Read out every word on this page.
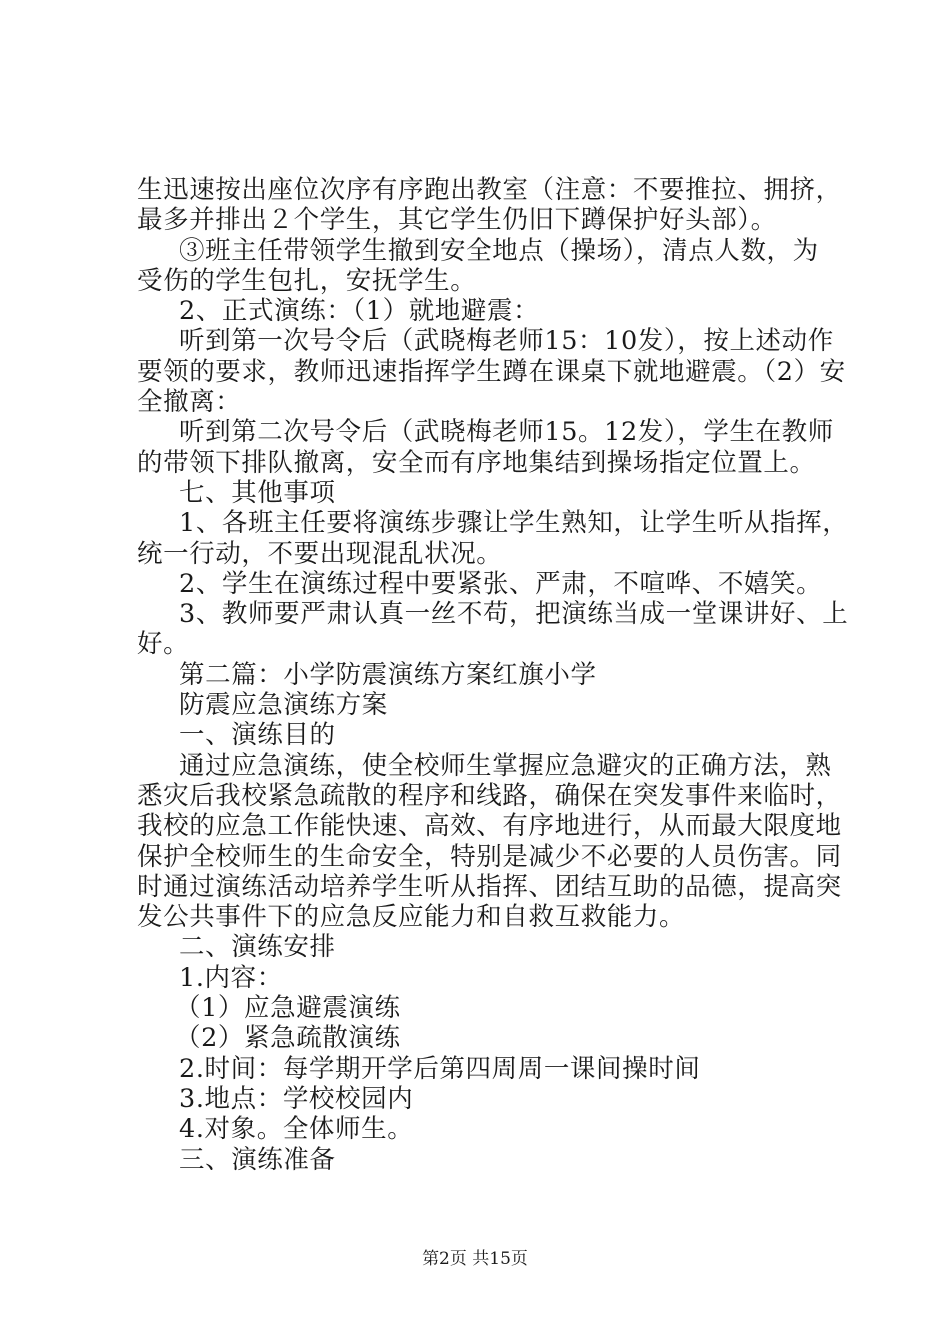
生迅速按出座位次序有序跑出教室（注意：不要推拉、拥挤，
最多并排出２个学生，其它学生仍旧下蹲保护好头部）。
③班主任带领学生撤到安全地点（操场），清点人数，为
受伤的学生包扎，安抚学生。
2、正式演练：（1）就地避震：
听到第一次号令后（武晓梅老师15：10发），按上述动作
要领的要求，教师迅速指挥学生蹲在课桌下就地避震。（2）安
全撤离：
听到第二次号令后（武晓梅老师15。12发），学生在教师
的带领下排队撤离，安全而有序地集结到操场指定位置上。
七、其他事项
1、各班主任要将演练步骤让学生熟知，让学生听从指挥，
统一行动，不要出现混乱状况。
2、学生在演练过程中要紧张、严肃，不喧哗、不嬉笑。
3、教师要严肃认真一丝不苟，把演练当成一堂课讲好、上
好。
第二篇：小学防震演练方案红旗小学
防震应急演练方案
一、演练目的
通过应急演练，使全校师生掌握应急避灾的正确方法，熟
悉灾后我校紧急疏散的程序和线路，确保在突发事件来临时，
我校的应急工作能快速、高效、有序地进行，从而最大限度地
保护全校师生的生命安全，特别是减少不必要的人员伤害。同
时通过演练活动培养学生听从指挥、团结互助的品德，提高突
发公共事件下的应急反应能力和自救互救能力。
二、演练安排
1.内容：
（1）应急避震演练
（2）紧急疏散演练
2.时间：每学期开学后第四周周一课间操时间
3.地点：学校校园内
4.对象。全体师生。
三、演练准备
第2页 共15页
